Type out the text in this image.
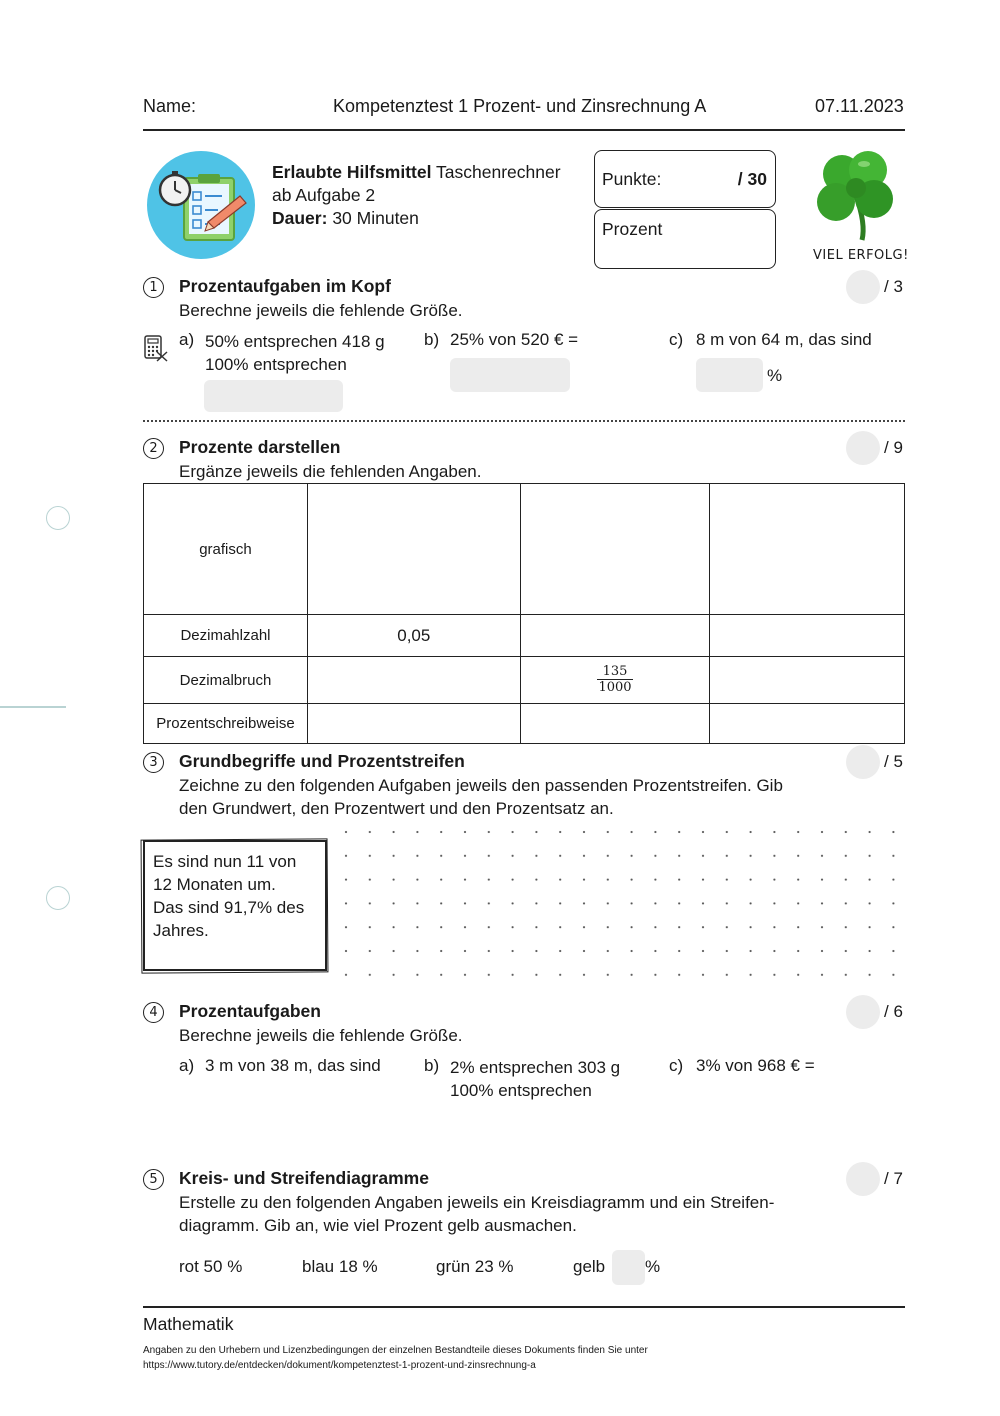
Name:	Kompetenztest 1 Prozent- und Zinsrechnung A	07.11.2023
Erlaubte Hilfsmittel Taschenrechner
ab Aufgabe 2
Dauer: 30 Minuten
Punkte:	/ 30
Prozent
VIEL ERFOLG!
1	Prozentaufgaben im Kopf
Berechne jeweils die fehlende Größe.
/ 3
a) 50% entsprechen 418 g
100% entsprechen
b) 25% von 520 € =	c) 8 m von 64 m, das sind
%
2	Prozente darstellen
Ergänze jeweils die fehlenden Angaben.
/ 9
grafisch			
Dezimahlzahl	0,05		
Dezimalbruch		$\frac{135}{1000}$

Prozentschreibweise			
3	Grundbegriffe und Prozentstreifen
Zeichne zu den folgenden Aufgaben jeweils den passenden Prozentstreifen. Gib
den Grundwert, den Prozentwert und den Prozentsatz an.
/ 5
Es sind nun 11 von
12 Monaten um.
Das sind 91,7% des
Jahres.
4	Prozentaufgaben
Berechne jeweils die fehlende Größe.
/ 6
a) 3 m von 38 m, das sind	b) 2% entsprechen 303 g
100% entsprechen
c) 3% von 968 € =
5	Kreis- und Streifendiagramme
Erstelle zu den folgenden Angaben jeweils ein Kreisdiagramm und ein Streifen-
diagramm. Gib an, wie viel Prozent gelb ausmachen.
/ 7
rot 50 %	blau 18 %	grün 23 %	gelb %
Mathematik
Angaben zu den Urhebern und Lizenzbedingungen der einzelnen Bestandteile dieses Dokuments finden Sie unter
https://www.tutory.de/entdecken/dokument/kompetenztest-1-prozent-und-zinsrechnung-a
